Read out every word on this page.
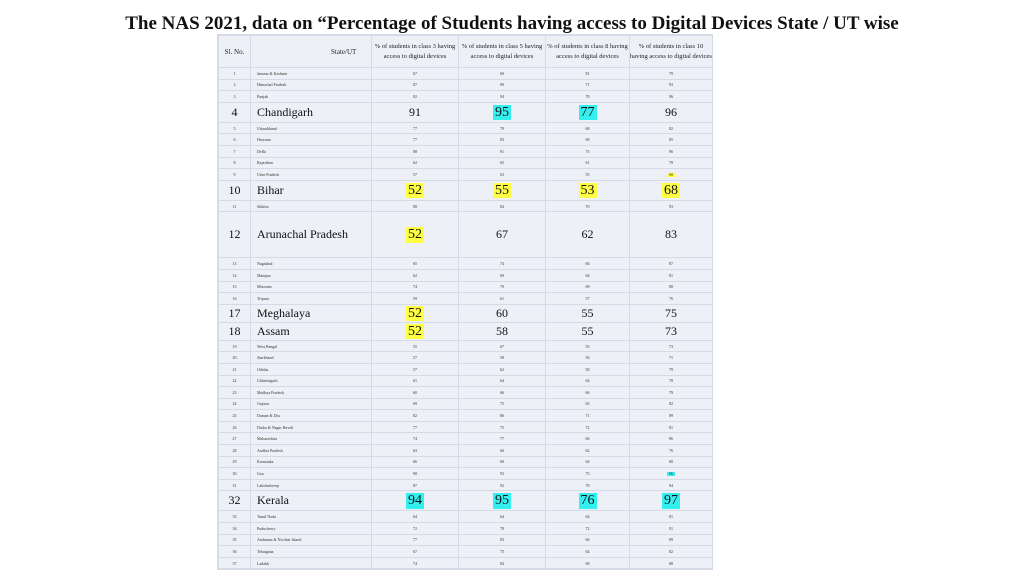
The NAS 2021, data on “Percentage of Students having access to Digital Devices State / UT wise
Sl. No.	State/UT	% of students in class 3 having access to digital devices	% of students in class 5 having access to digital devices	% of students in class 8 having access to digital devices	% of students in class 10 having access to digital devices
1	Jammu & Kashmir	67	69	81	79
2	Himachal Pradesh	87	90	71	93
3	Punjab	92	94	78	96
4	Chandigarh	91	95	77	96
5	Uttarakhand	77	79	68	82
6	Haryana	77	83	69	85
7	Delhi	88	91	73	96
8	Rajasthan	62	65	61	78
9	Uttar Pradesh	57	63	55	68
10	Bihar	52	55	53	68
11	Sikkim	80	84	70	93
12	Arunachal Pradesh	52	67	62	83
13	Nagaland	65	74	66	87
14	Manipur	62	69	64	81
15	Mizoram	74	79	69	88
16	Tripura	59	61	57	76
17	Meghalaya	52	60	55	75
18	Assam	52	58	55	73
19	West Bengal	55	67	55	73
20	Jharkhand	57	58	56	71
21	Odisha	57	62	58	79
22	Chhattisgarh	61	64	64	78
23	Madhya Pradesh	60	66	66	79
24	Gujarat	69	75	65	82
25	Daman & Diu	82	86	71	89
26	Dadra & Nagar Haveli	77	75	72	81
27	Maharashtra	74	77	66	86
28	Andhra Pradesh	63	66	62	76
29	Karnataka	66	69	64	80
30	Goa	90	93	75	96
31	Lakshadweep	87	92	78	94
32	Kerala	94	95	76	97
33	Tamil Nadu	64	64	64	81
34	Puducherry	72	78	72	91
35	Andaman & Nicobar Island	77	83	66	89
36	Telangana	67	75	64	82
37	Ladakh	74	84	69	88
